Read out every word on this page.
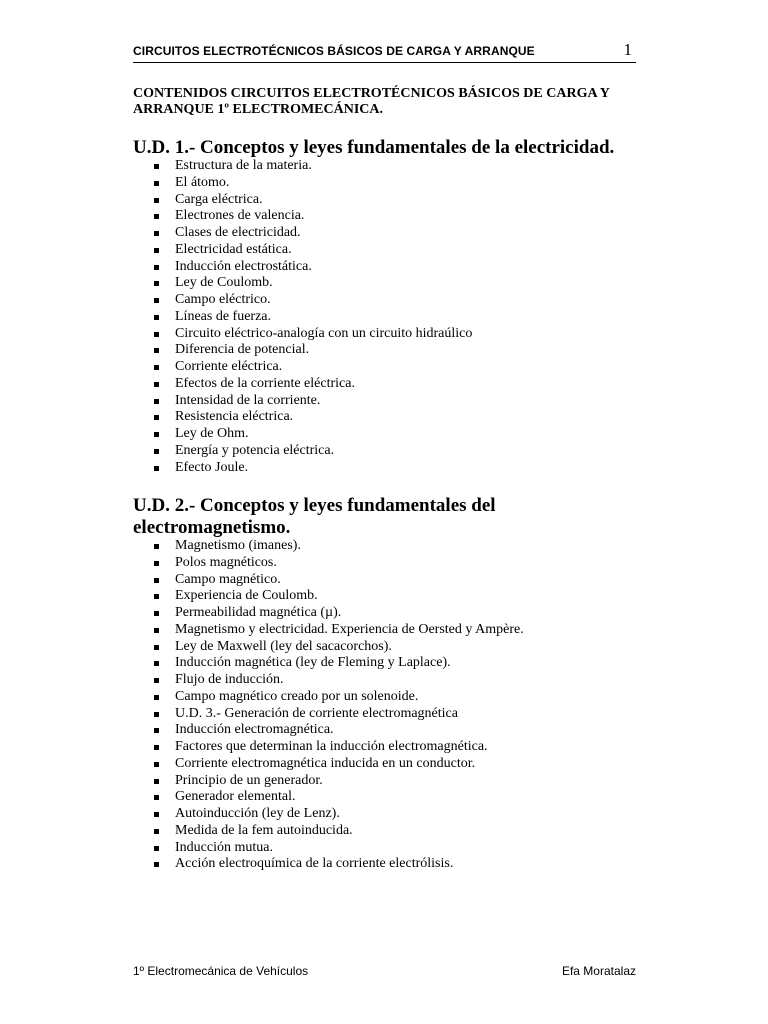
CIRCUITOS ELECTROTÉCNICOS BÁSICOS DE CARGA Y ARRANQUE	1
CONTENIDOS CIRCUITOS ELECTROTÉCNICOS BÁSICOS DE CARGA Y ARRANQUE 1º ELECTROMECÁNICA.
U.D. 1.- Conceptos y leyes fundamentales de la electricidad.
Estructura de la materia.
El átomo.
Carga eléctrica.
Electrones de valencia.
Clases de electricidad.
Electricidad estática.
Inducción electrostática.
Ley de Coulomb.
Campo eléctrico.
Líneas de fuerza.
Circuito eléctrico-analogía con un circuito hidraúlico
Diferencia de potencial.
Corriente eléctrica.
Efectos de la corriente eléctrica.
Intensidad de la corriente.
Resistencia eléctrica.
Ley de Ohm.
Energía y potencia eléctrica.
Efecto Joule.
U.D. 2.- Conceptos y leyes fundamentales del electromagnetismo.
Magnetismo (imanes).
Polos magnéticos.
Campo magnético.
Experiencia de Coulomb.
Permeabilidad magnética (µ).
Magnetismo y electricidad. Experiencia de Oersted y Ampère.
Ley de Maxwell (ley del sacacorchos).
Inducción magnética (ley de Fleming y Laplace).
Flujo de inducción.
Campo magnético creado por un solenoide.
U.D. 3.- Generación de corriente electromagnética
Inducción electromagnética.
Factores que determinan la inducción electromagnética.
Corriente electromagnética inducida en un conductor.
Principio de un generador.
Generador elemental.
Autoinducción (ley de Lenz).
Medida de la fem autoinducida.
Inducción mutua.
Acción electroquímica de la corriente electrólisis.
1º Electromecánica de Vehículos	Efa Moratalaz
